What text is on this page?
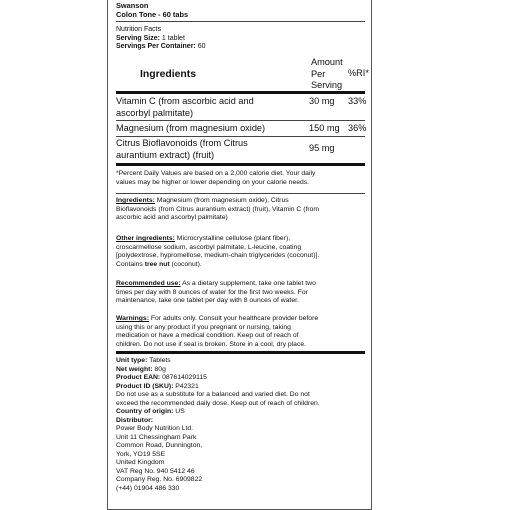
Swanson
Colon Tone - 60 tabs
Nutrition Facts
Serving Size: 1 tablet
Servings Per Container: 60
Ingredients
Amount
Per
Serving
%RI*
Vitamin C (from ascorbic acid and
ascorbyl palmitate)
30 mg	33%
Magnesium (from magnesium oxide)	150 mg 36%
Citrus Bioflavonoids (from Citrus
aurantium extract) (fruit)
95 mg
*Percent Daily Values are based on a 2,000 calorie diet. Your daily
values may be higher or lower depending on your calorie needs.
Ingredients: Magnesium (from magnesium oxide), Citrus
Bioflavonoids (from Citrus aurantium extract) (fruit), Vitamin C (from
ascorbic acid and ascorbyl palmitate)
Other ingredients: Microcrystalline cellulose (plant fiber),
croscarmellose sodium, ascorbyl palmitate, L-leucine, coating
[polydextrose, hypromellose, medium-chain triglycerides (coconut)].
Contains tree nut (coconut).
Recommended use: As a dietary supplement, take one tablet two
times per day with 8 ounces of water for the first two weeks. For
maintenance, take one tablet per day with 8 ounces of water.
Warnings: For adults only. Consult your healthcare provider before
using this or any product if you pregnant or nursing, taking
medication or have a medical condition. Keep out of reach of
children. Do not use if seal is broken. Store in a cool, dry place.
Unit type: Tablets
Net weight: 80g
Product EAN: 087614029115
Product ID (SKU): P42321
Do not use as a substitute for a balanced and varied diet. Do not
exceed the recommended daily dose. Keep out of reach of children.
Country of origin: US
Distributor:
Power Body Nutrition Ltd.
Unit 11 Chessingham Park
Common Road, Dunnington,
York, YO19 5SE
United Kingdom
VAT Reg No. 940 5412 46
Company Reg. No. 6909822
(+44) 01904 486 330
